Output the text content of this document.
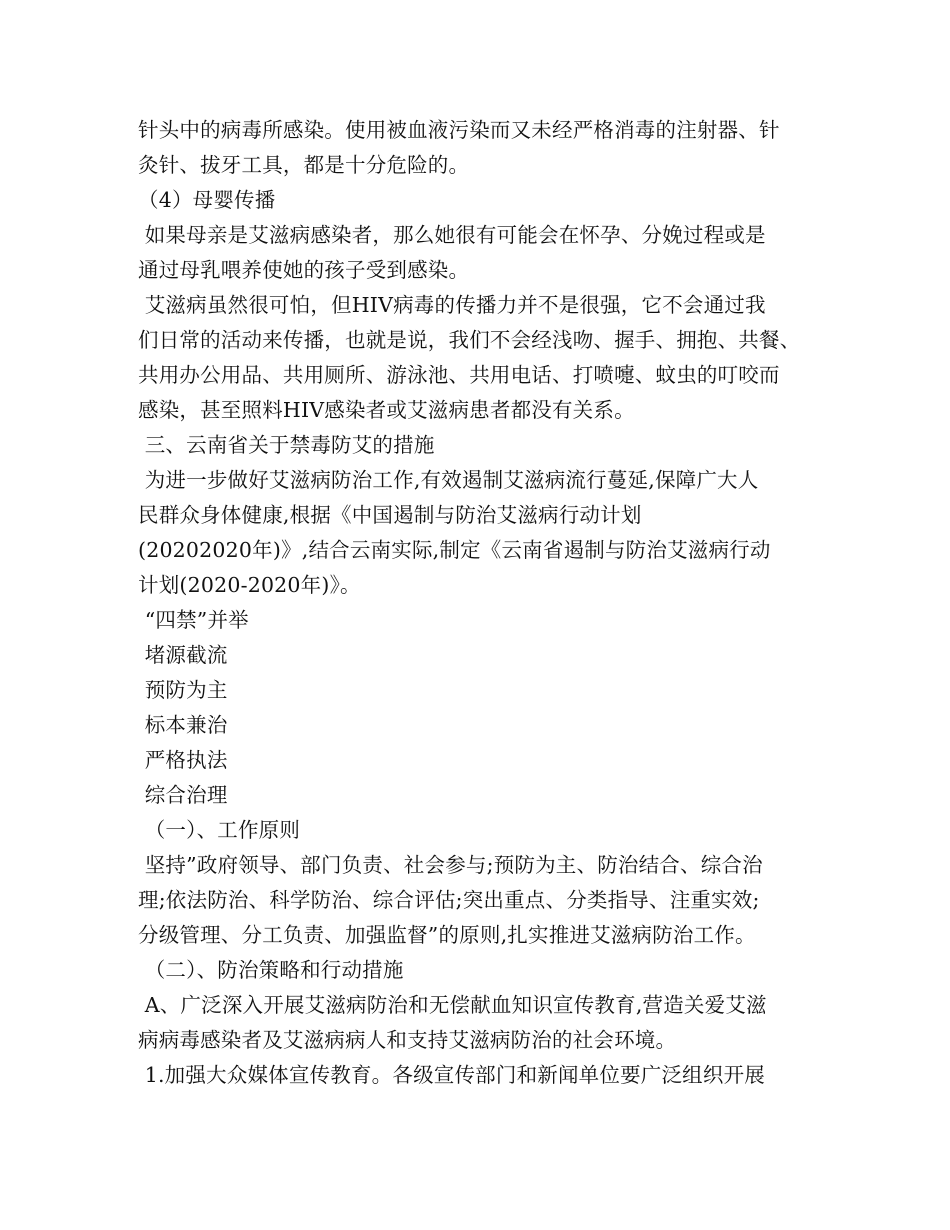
针头中的病毒所感染。使用被血液污染而又未经严格消毒的注射器、针
灸针、拔牙工具，都是十分危险的。
（4）母婴传播
如果母亲是艾滋病感染者，那么她很有可能会在怀孕、分娩过程或是
通过母乳喂养使她的孩子受到感染。
艾滋病虽然很可怕，但HIV病毒的传播力并不是很强，它不会通过我
们日常的活动来传播，也就是说，我们不会经浅吻、握手、拥抱、共餐、
共用办公用品、共用厕所、游泳池、共用电话、打喷嚏、蚊虫的叮咬而
感染，甚至照料HIV感染者或艾滋病患者都没有关系。
三、云南省关于禁毒防艾的措施
为进一步做好艾滋病防治工作,有效遏制艾滋病流行蔓延,保障广大人
民群众身体健康,根据《中国遏制与防治艾滋病行动计划
(20202020年)》,结合云南实际,制定《云南省遏制与防治艾滋病行动
计划(2020-2020年)》。
“四禁”并举
堵源截流
预防为主
标本兼治
严格执法
综合治理
（一）、工作原则
坚持”政府领导、部门负责、社会参与;预防为主、防治结合、综合治
理;依法防治、科学防治、综合评估;突出重点、分类指导、注重实效;
分级管理、分工负责、加强监督”的原则,扎实推进艾滋病防治工作。
（二）、防治策略和行动措施
A、广泛深入开展艾滋病防治和无偿献血知识宣传教育,营造关爱艾滋
病病毒感染者及艾滋病病人和支持艾滋病防治的社会环境。
1.加强大众媒体宣传教育。各级宣传部门和新闻单位要广泛组织开展
